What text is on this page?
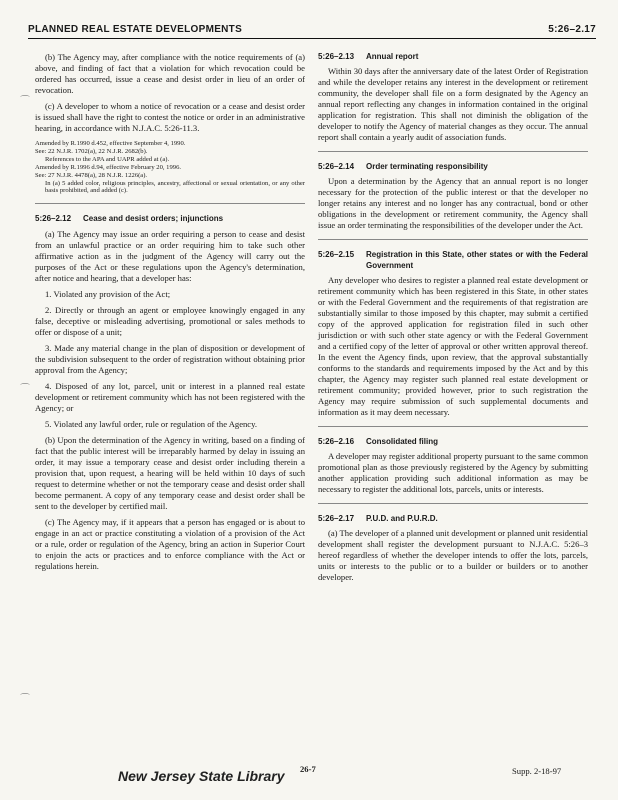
PLANNED REAL ESTATE DEVELOPMENTS	5:26–2.17
⌒
⌒
⌒

(b) The Agency may, after compliance with the notice requirements of (a) above, and finding of fact that a violation for which revocation could be ordered has occurred, issue a cease and desist order in lieu of an order of revocation.

(c) A developer to whom a notice of revocation or a cease and desist order is issued shall have the right to contest the notice or order in an administrative hearing, in accordance with N.J.A.C. 5:26-11.3.

Amended by R.1990 d.452, effective September 4, 1990.
See: 22 N.J.R. 1702(a), 22 N.J.R. 2682(b).
References to the APA and UAPR added at (a).
Amended by R.1996 d.94, effective February 20, 1996.
See: 27 N.J.R. 4478(a), 28 N.J.R. 1226(a).
In (a) 5 added color, religious principles, ancestry, affectional or sexual orientation, or any other basis prohibited, and added (c).
5:26–2.12	Cease and desist orders; injunctions

(a) The Agency may issue an order requiring a person to cease and desist from an unlawful practice or an order requiring him to take such other affirmative action as in the judgment of the Agency will carry out the purposes of the Act or these regulations upon the Agency's determination, after notice and hearing, that a developer has:

1. Violated any provision of the Act;

2. Directly or through an agent or employee knowingly engaged in any false, deceptive or misleading advertising, promotional or sales methods to offer or dispose of a unit;

3. Made any material change in the plan of disposition or development of the subdivision subsequent to the order of registration without obtaining prior approval from the Agency;

4. Disposed of any lot, parcel, unit or interest in a planned real estate development or retirement community which has not been registered with the Agency; or

5. Violated any lawful order, rule or regulation of the Agency.

(b) Upon the determination of the Agency in writing, based on a finding of fact that the public interest will be irreparably harmed by delay in issuing an order, it may issue a temporary cease and desist order including therein a provision that, upon request, a hearing will be held within 10 days of such request to determine whether or not the temporary cease and desist order shall become permanent. A copy of any temporary cease and desist order shall be sent to the developer by certified mail.

(c) The Agency may, if it appears that a person has engaged or is about to engage in an act or practice constituting a violation of a provision of the Act or a rule, order or regulation of the Agency, bring an action in Superior Court to enjoin the acts or practices and to enforce compliance with the Act or regulations herein.

5:26–2.13	Annual report

Within 30 days after the anniversary date of the latest Order of Registration and while the developer retains any interest in the development or retirement community, the developer shall file on a form designated by the Agency an annual report reflecting any changes in information contained in the original application for registration. This shall not diminish the obligation of the developer to notify the Agency of material changes as they occur. The annual report shall contain a yearly audit of association funds.

5:26–2.14	Order terminating responsibility

Upon a determination by the Agency that an annual report is no longer necessary for the protection of the public interest or that the developer no longer retains any interest and no longer has any contractual, bond or other obligations in the development or retirement community, the Agency shall issue an order terminating the responsibilities of the developer under the Act.

5:26–2.15	Registration in this State, other states or with the Federal Government

Any developer who desires to register a planned real estate development or retirement community which has been registered in this State, in other states or with the Federal Government and the requirements of that registration are substantially similar to those imposed by this chapter, may submit a certified copy of the approved application for registration filed in such other jurisdiction or with such other state agency or with the Federal Government and a certified copy of the letter of approval or other written approval thereof. In the event the Agency finds, upon review, that the approval substantially conforms to the standards and requirements imposed by the Act and by this chapter, the Agency may register such planned real estate development or retirement community; provided however, prior to such registration the Agency may require submission of such supplemental documents and information as it may deem necessary.

5:26–2.16	Consolidated filing

A developer may register additional property pursuant to the same common promotional plan as those previously registered by the Agency by submitting another application providing such additional information as may be necessary to register the additional lots, parcels, units or interests.

5:26–2.17	P.U.D. and P.U.R.D.

(a) The developer of a planned unit development or planned unit residential development shall register the development pursuant to N.J.A.C. 5:26–3 hereof regardless of whether the developer intends to offer the lots, parcels, units or interests to the public or to a builder or builders or to another developer.

New Jersey State Library 26-7	Supp. 2-18-97
